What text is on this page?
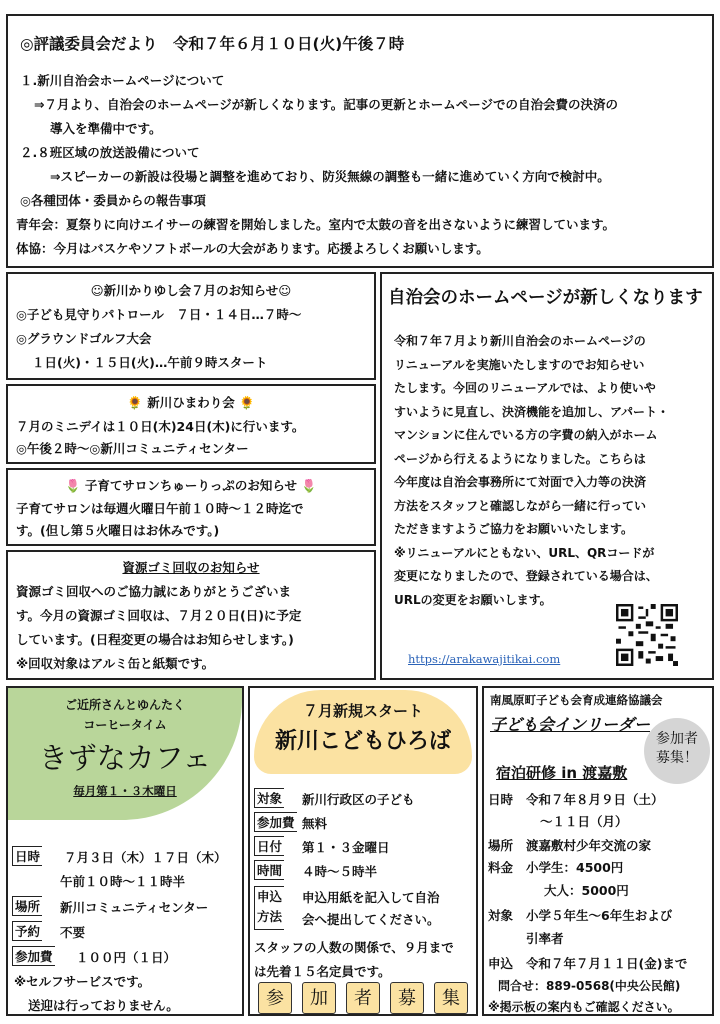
◎評議委員会だより　令和７年６月１０日(火)午後７時
１.新川自治会ホームページについて
⇒７月より、自治会のホームページが新しくなります。記事の更新とホームページでの自治会費の決済の
導入を準備中です。
２.８班区域の放送設備について
⇒スピーカーの新設は役場と調整を進めており、防災無線の調整も一緒に進めていく方向で検討中。
◎各種団体・委員からの報告事項
青年会：夏祭りに向けエイサーの練習を開始しました。室内で太鼓の音を出さないように練習しています。
体協：今月はバスケやソフトボールの大会があります。応援よろしくお願いします。
☺新川かりゆし会７月のお知らせ☺
◎子ども見守りパトロール　７日・１４日…７時～
◎グラウンドゴルフ大会
１日(火)・１５日(火)…午前９時スタート
🌻 新川ひまわり会 🌻
７月のミニデイは１０日(木)24日(木)に行います。
◎午後２時～◎新川コミュニティセンター
🌷 子育てサロンちゅーりっぷのお知らせ 🌷
子育てサロンは毎週火曜日午前１０時～１２時迄で
す。(但し第５火曜日はお休みです。)
資源ゴミ回収のお知らせ
資源ゴミ回収へのご協力誠にありがとうございま
す。今月の資源ゴミ回収は、７月２０日(日)に予定
しています。(日程変更の場合はお知らせします。)
※回収対象はアルミ缶と紙類です。
自治会のホームページが新しくなります
令和７年７月より新川自治会のホームページの
リニューアルを実施いたしますのでお知らせい
たします。今回のリニューアルでは、より使いや
すいように見直し、決済機能を追加し、アパート・
マンションに住んでいる方の字費の納入がホーム
ページから行えるようになりました。こちらは
今年度は自治会事務所にて対面で入力等の決済
方法をスタッフと確認しながら一緒に行ってい
ただきますようご協力をお願いいたします。
※リニューアルにともない、URL、QRコードが
変更になりましたので、登録されている場合は、
URLの変更をお願いします。
https://arakawajitikai.com
ご近所さんとゆんたく
コーヒータイム
きずなカフェ
毎月第１・３木曜日
日時 ７月３日（木）１７日（木）
午前１０時～１１時半
場所 新川コミュニティセンター
予約 不要
参加費 １００円（１日）
※セルフサービスです。
送迎は行っておりません。
７月新規スタート
新川こどもひろば
対象 新川行政区の子ども
参加費 無料
日付 第１・３金曜日
時間 ４時～５時半
申込
方法
申込用紙を記入して自治
会へ提出してください。
スタッフの人数の関係で、９月まで
は先着１５名定員です。
参	加	者	募	集
南風原町子ども会育成連絡協議会
子ども会インリーダー
参加者募集！
宿泊研修 in 渡嘉敷
日時 令和７年８月９日（土）
～１１日（月）
場所 渡嘉敷村少年交流の家
料金 小学生：4500円
大人：5000円
対象 小学５年生～6年生および
引率者
申込 令和７年７月１１日(金)まで
問合せ：889-0568(中央公民館)
※掲示板の案内もご確認ください。
